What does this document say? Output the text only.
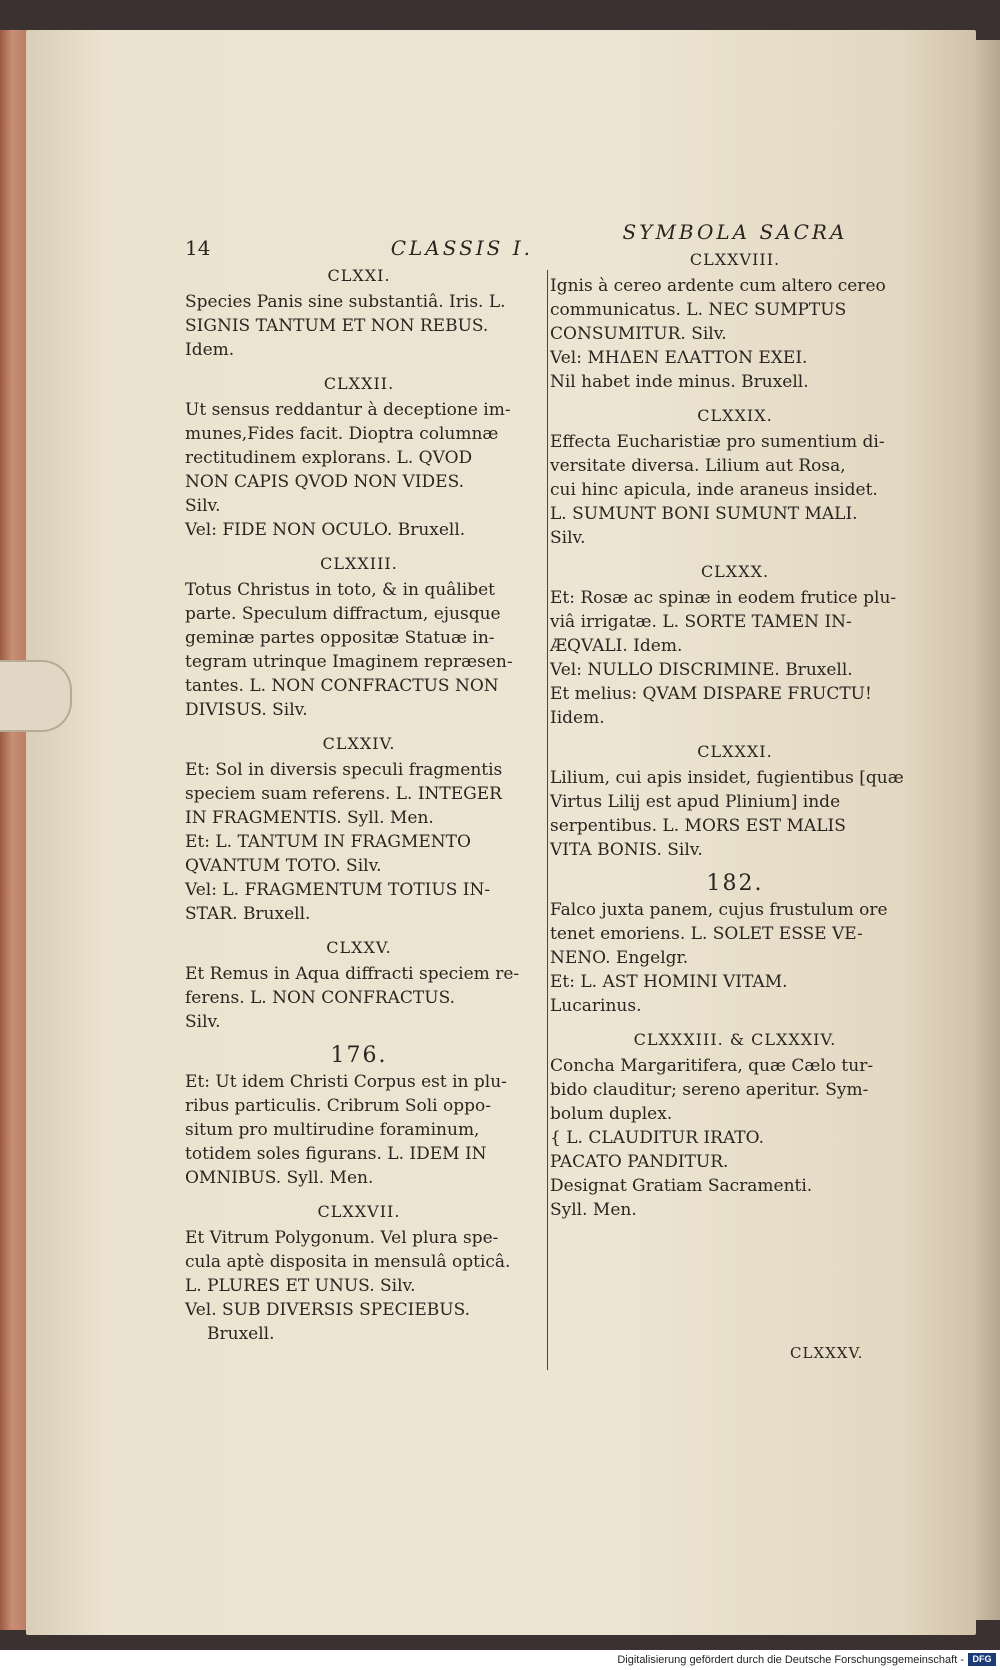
14	CLASSIS I.
CLXXI.
Species Panis sine substantiâ. Iris. L.
SIGNIS TANTUM ET NON REBUS.
Idem.
CLXXII.
Ut sensus reddantur à deceptione im-
munes,Fides facit. Dioptra columnæ
rectitudinem explorans. L. QVOD
NON CAPIS QVOD NON VIDES.
Silv.
Vel: FIDE NON OCULO. Bruxell.
CLXXIII.
Totus Christus in toto, & in quâlibet
parte. Speculum diffractum, ejusque
geminæ partes oppositæ Statuæ in-
tegram utrinque Imaginem repræsen-
tantes. L. NON CONFRACTUS NON
DIVISUS. Silv.
CLXXIV.
Et: Sol in diversis speculi fragmentis
speciem suam referens. L. INTEGER
IN FRAGMENTIS. Syll. Men.
Et: L. TANTUM IN FRAGMENTO
QVANTUM TOTO. Silv.
Vel: L. FRAGMENTUM TOTIUS IN-
STAR. Bruxell.
CLXXV.
Et Remus in Aqua diffracti speciem re-
ferens. L. NON CONFRACTUS.
Silv.
176.
Et: Ut idem Christi Corpus est in plu-
ribus particulis. Cribrum Soli oppo-
situm pro multirudine foraminum,
totidem soles figurans. L. IDEM IN
OMNIBUS. Syll. Men.
CLXXVII.
Et Vitrum Polygonum. Vel plura spe-
cula aptè disposita in mensulâ opticâ.
L. PLURES ET UNUS. Silv.
Vel. SUB DIVERSIS SPECIEBUS. Bruxell.
SYMBOLA SACRA
CLXXVIII.
Ignis à cereo ardente cum altero cereo
communicatus. L. NEC SUMPTUS
CONSUMITUR. Silv.
Vel: ΜΗΔΕΝ ΕΛΑΤΤΟΝ ΕΧΕΙ.
Nil habet inde minus. Bruxell.
CLXXIX.
Effecta Eucharistiæ pro sumentium di-
versitate diversa. Lilium aut Rosa,
cui hinc apicula, inde araneus insidet.
L. SUMUNT BONI SUMUNT MALI.
Silv.
CLXXX.
Et: Rosæ ac spinæ in eodem frutice plu-
viâ irrigatæ. L. SORTE TAMEN IN-
ÆQVALI. Idem.
Vel: NULLO DISCRIMINE. Bruxell.
Et melius: QVAM DISPARE FRUCTU!
Iidem.
CLXXXI.
Lilium, cui apis insidet, fugientibus [quæ
Virtus Lilij est apud Plinium] inde
serpentibus. L. MORS EST MALIS
VITA BONIS. Silv.
182.
Falco juxta panem, cujus frustulum ore
tenet emoriens. L. SOLET ESSE VE-
NENO. Engelgr.
Et: L. AST HOMINI VITAM.
Lucarinus.
CLXXXIII. & CLXXXIV.
Concha Margaritifera, quæ Cælo tur-
bido clauditur; sereno aperitur. Sym-
bolum duplex.
{ L. CLAUDITUR IRATO.
PACATO PANDITUR.
Designat Gratiam Sacramenti.
Syll. Men.
CLXXXV.
Digitalisierung gefördert durch die Deutsche Forschungsgemeinschaft - DFG
